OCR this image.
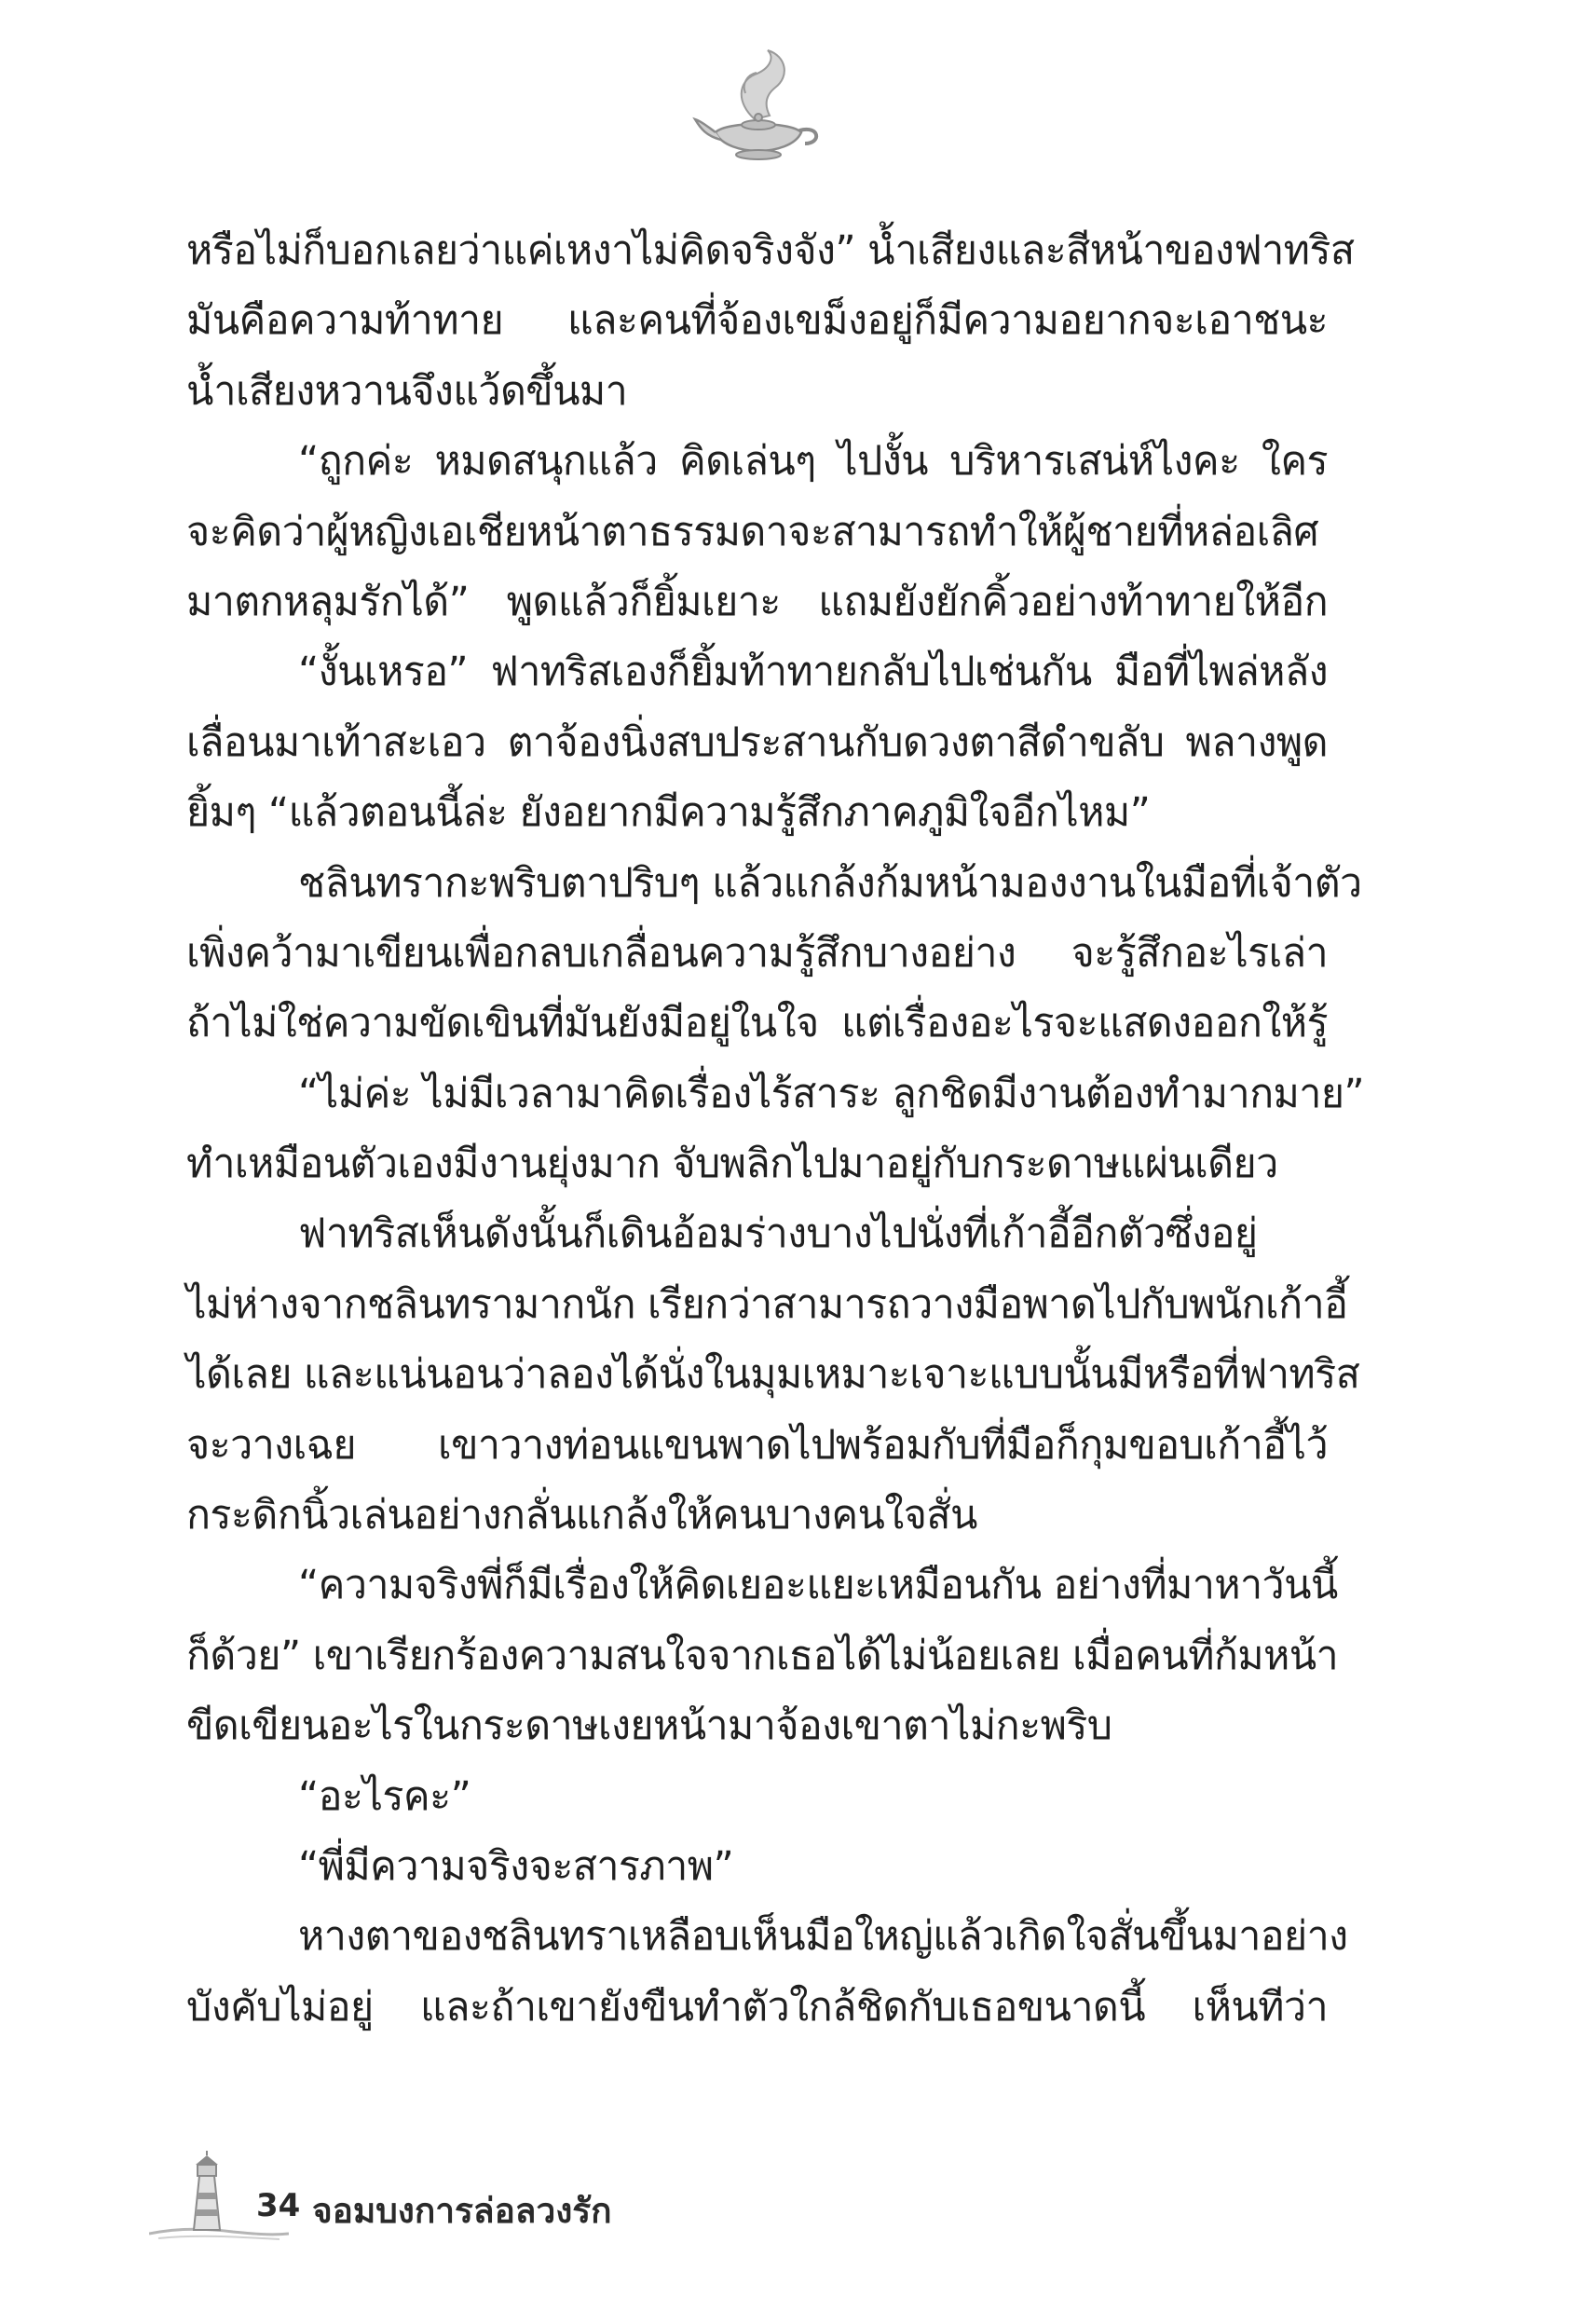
หรือไม่ก็บอกเลยว่าแค่เหงาไม่คิดจริงจัง” น้ำเสียงและสีหน้าของฟาทริส
มันคือความท้าทาย และคนที่จ้องเขม็งอยู่ก็มีความอยากจะเอาชนะ
น้ำเสียงหวานจึงแว้ดขึ้นมา
“ถูกค่ะ หมดสนุกแล้ว คิดเล่นๆ ไปงั้น บริหารเสน่ห์ไงคะ ใคร
จะคิดว่าผู้หญิงเอเชียหน้าตาธรรมดาจะสามารถทำให้ผู้ชายที่หล่อเลิศ
มาตกหลุมรักได้” พูดแล้วก็ยิ้มเยาะ แถมยังยักคิ้วอย่างท้าทายให้อีก
“งั้นเหรอ” ฟาทริสเองก็ยิ้มท้าทายกลับไปเช่นกัน มือที่ไพล่หลัง
เลื่อนมาเท้าสะเอว ตาจ้องนิ่งสบประสานกับดวงตาสีดำขลับ พลางพูด
ยิ้มๆ “แล้วตอนนี้ล่ะ ยังอยากมีความรู้สึกภาคภูมิใจอีกไหม”
ชลินทรากะพริบตาปริบๆ แล้วแกล้งก้มหน้ามองงานในมือที่เจ้าตัว
เพิ่งคว้ามาเขียนเพื่อกลบเกลื่อนความรู้สึกบางอย่าง จะรู้สึกอะไรเล่า
ถ้าไม่ใช่ความขัดเขินที่มันยังมีอยู่ในใจ แต่เรื่องอะไรจะแสดงออกให้รู้
“ไม่ค่ะ ไม่มีเวลามาคิดเรื่องไร้สาระ ลูกชิดมีงานต้องทำมากมาย”
ทำเหมือนตัวเองมีงานยุ่งมาก จับพลิกไปมาอยู่กับกระดาษแผ่นเดียว
ฟาทริสเห็นดังนั้นก็เดินอ้อมร่างบางไปนั่งที่เก้าอี้อีกตัวซึ่งอยู่
ไม่ห่างจากชลินทรามากนัก เรียกว่าสามารถวางมือพาดไปกับพนักเก้าอี้
ได้เลย และแน่นอนว่าลองได้นั่งในมุมเหมาะเจาะแบบนั้นมีหรือที่ฟาทริส
จะวางเฉย เขาวางท่อนแขนพาดไปพร้อมกับที่มือก็กุมขอบเก้าอี้ไว้
กระดิกนิ้วเล่นอย่างกลั่นแกล้งให้คนบางคนใจสั่น
“ความจริงพี่ก็มีเรื่องให้คิดเยอะแยะเหมือนกัน อย่างที่มาหาวันนี้
ก็ด้วย” เขาเรียกร้องความสนใจจากเธอได้ไม่น้อยเลย เมื่อคนที่ก้มหน้า
ขีดเขียนอะไรในกระดาษเงยหน้ามาจ้องเขาตาไม่กะพริบ
“อะไรคะ”
“พี่มีความจริงจะสารภาพ”
หางตาของชลินทราเหลือบเห็นมือใหญ่แล้วเกิดใจสั่นขึ้นมาอย่าง
บังคับไม่อยู่ และถ้าเขายังขืนทำตัวใกล้ชิดกับเธอขนาดนี้ เห็นทีว่า
34 จอมบงการล่อลวงรัก
